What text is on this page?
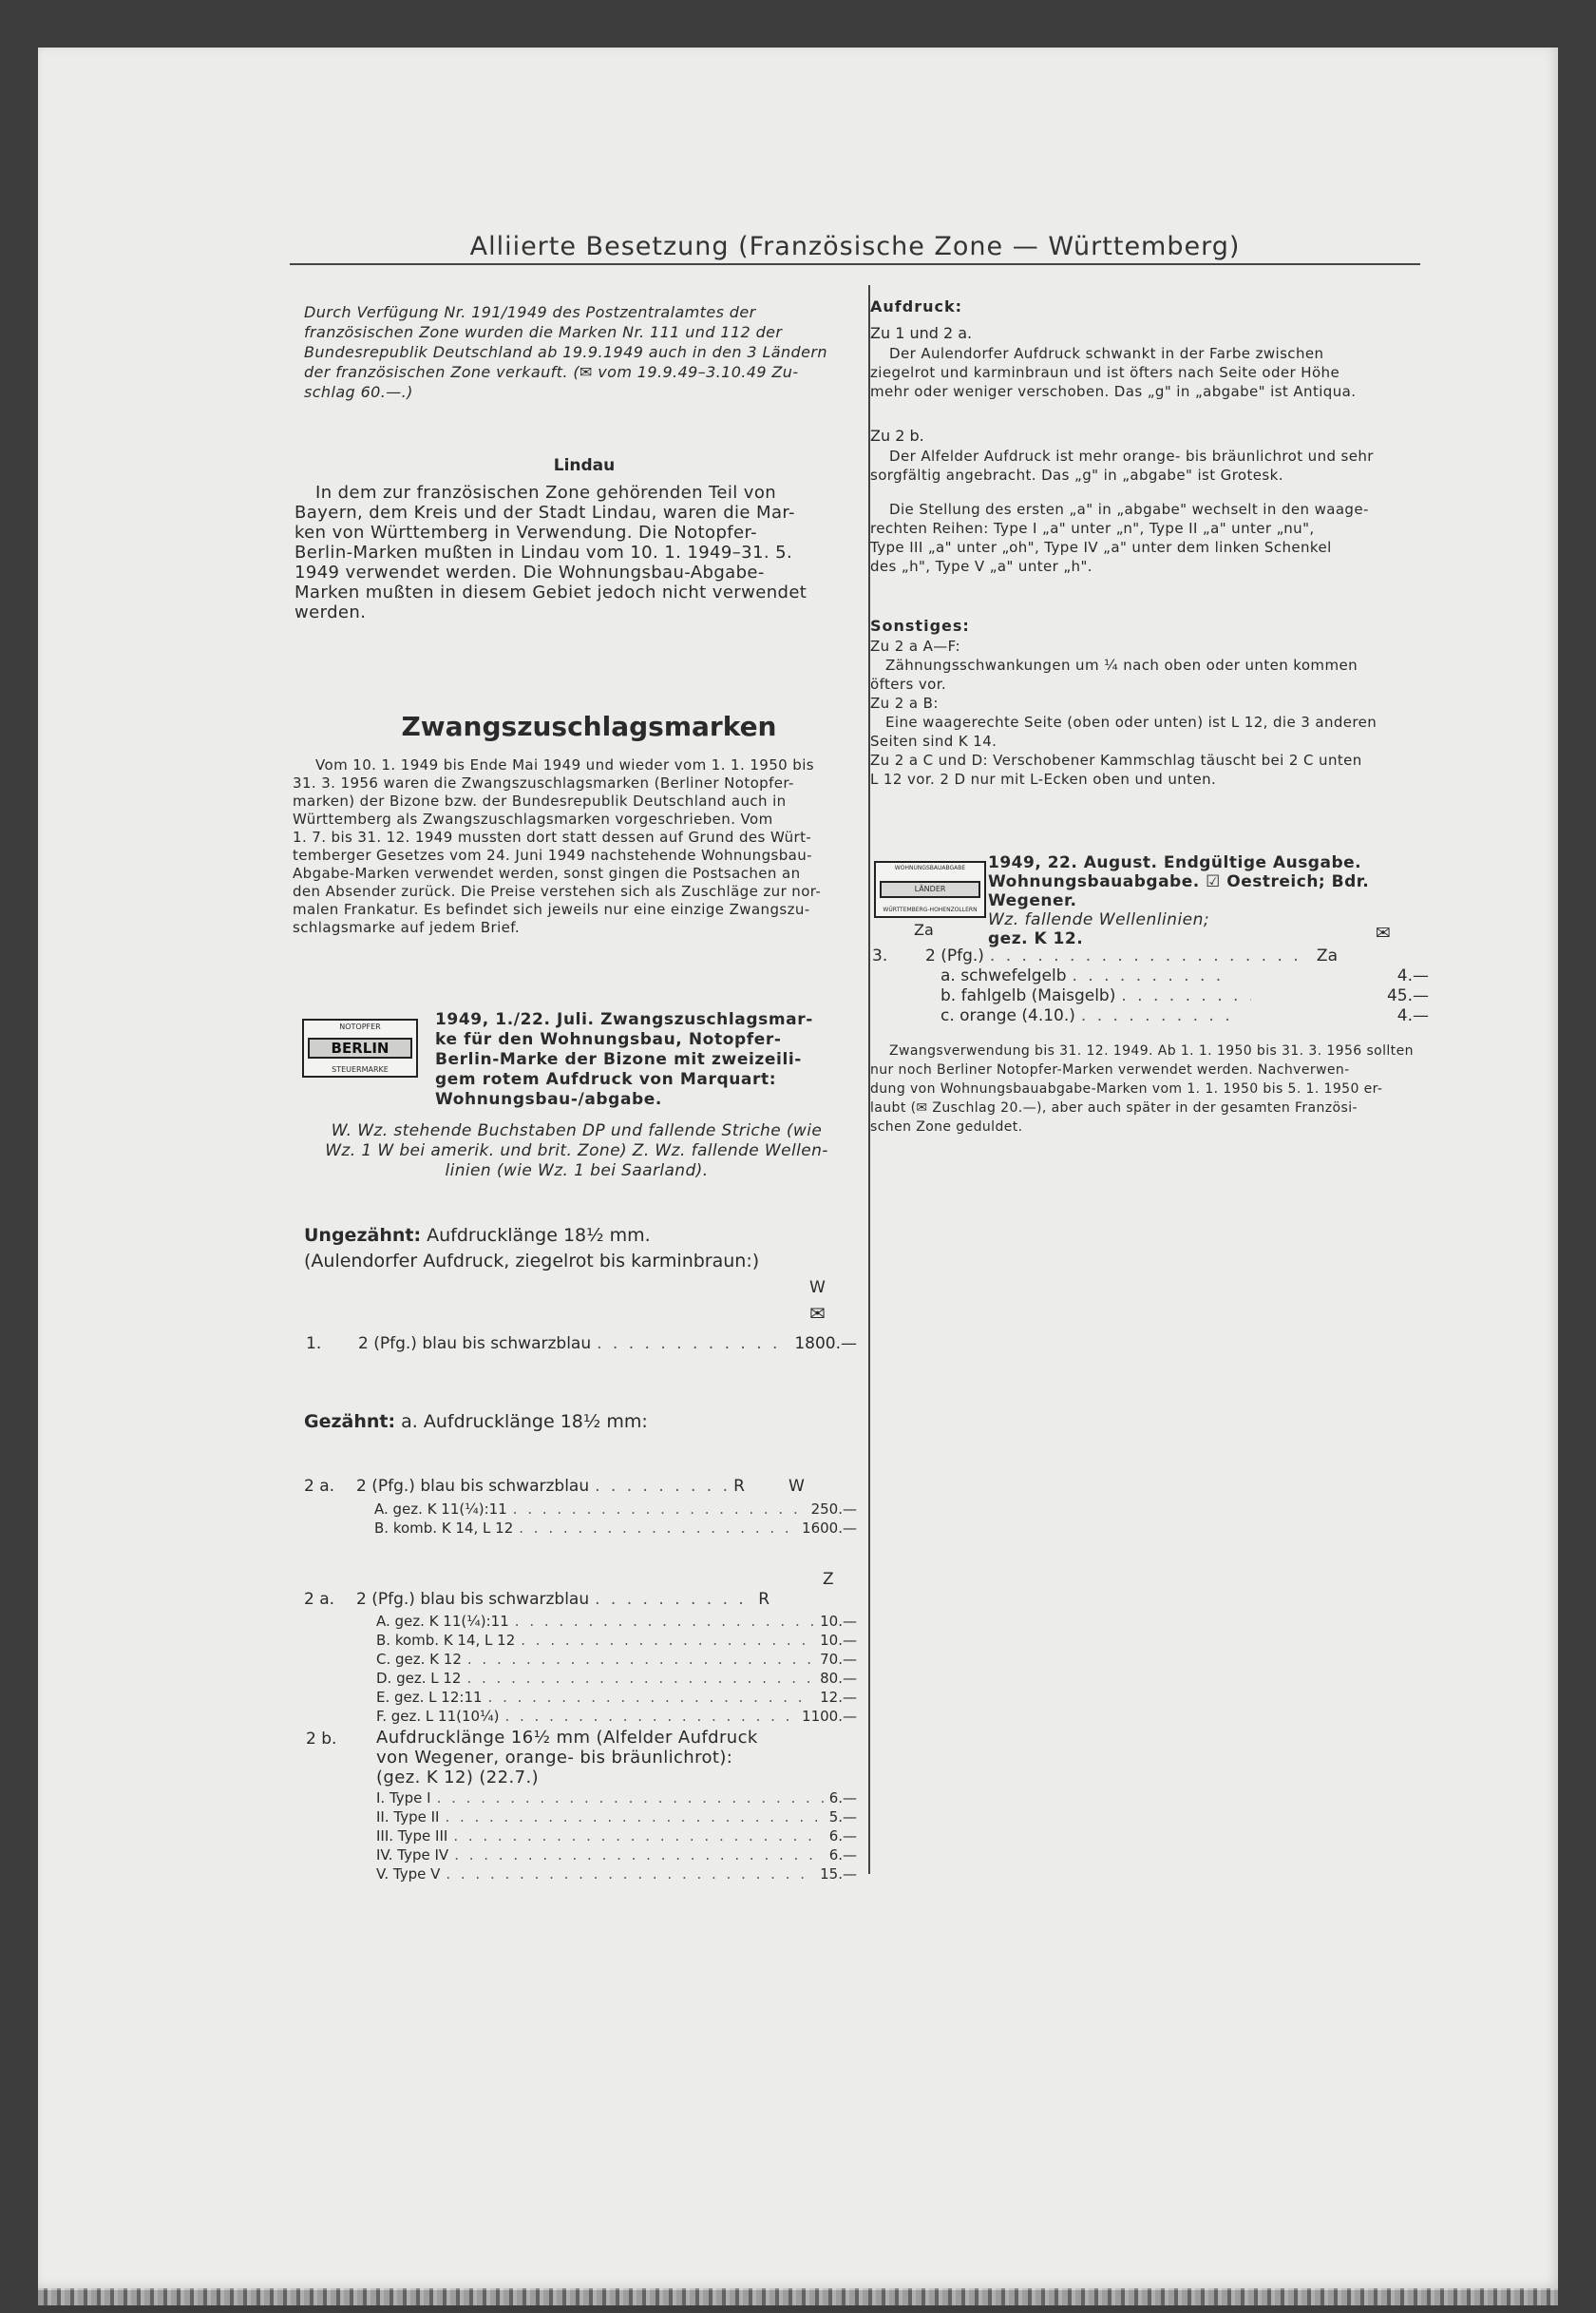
Alliierte Besetzung (Französische Zone — Württemberg)
Durch Verfügung Nr. 191/1949 des Postzentralamtes der
französischen Zone wurden die Marken Nr. 111 und 112 der
Bundesrepublik Deutschland ab 19.9.1949 auch in den 3 Ländern
der französischen Zone verkauft. (✉ vom 19.9.49–3.10.49 Zu-
schlag 60.—.)
Lindau
In dem zur französischen Zone gehörenden Teil von
Bayern, dem Kreis und der Stadt Lindau, waren die Mar-
ken von Württemberg in Verwendung. Die Notopfer-
Berlin-Marken mußten in Lindau vom 10. 1. 1949–31. 5.
1949 verwendet werden. Die Wohnungsbau-Abgabe-
Marken mußten in diesem Gebiet jedoch nicht verwendet
werden.
Zwangszuschlagsmarken
Vom 10. 1. 1949 bis Ende Mai 1949 und wieder vom 1. 1. 1950 bis
31. 3. 1956 waren die Zwangszuschlagsmarken (Berliner Notopfer-
marken) der Bizone bzw. der Bundesrepublik Deutschland auch in
Württemberg als Zwangszuschlagsmarken vorgeschrieben. Vom
1. 7. bis 31. 12. 1949 mussten dort statt dessen auf Grund des Würt-
temberger Gesetzes vom 24. Juni 1949 nachstehende Wohnungsbau-
Abgabe-Marken verwendet werden, sonst gingen die Postsachen an
den Absender zurück. Die Preise verstehen sich als Zuschläge zur nor-
malen Frankatur. Es befindet sich jeweils nur eine einzige Zwangszu-
schlagsmarke auf jedem Brief.
NOTOPFER
BERLIN
STEUERMARKE
1949, 1./22. Juli. Zwangszuschlagsmar-
ke für den Wohnungsbau, Notopfer-
Berlin-Marke der Bizone mit zweizeili-
gem rotem Aufdruck von Marquart:
Wohnungsbau-/abgabe.
W. Wz. stehende Buchstaben DP und fallende Striche (wie
Wz. 1 W bei amerik. und brit. Zone) Z. Wz. fallende Wellen-
linien (wie Wz. 1 bei Saarland).
Ungezähnt: Aufdrucklänge 18½ mm.
(Aulendorfer Aufdruck, ziegelrot bis karminbraun:)
W
✉
1.	2 (Pfg.) blau bis schwarzblau . . .	1800.—
Gezähnt: a. Aufdrucklänge 18½ mm:
2 a.	2 (Pfg.) blau bis schwarzblau . . .	R	W
A. gez. K 11(¼):11 . . .	250.—
B. komb. K 14, L 12 . . .	1600.—
Z
2 a.	2 (Pfg.) blau bis schwarzblau . . .	R
A. gez. K 11(¼):11 . . .	10.—
B. komb. K 14, L 12 . . .	10.—
C. gez. K 12 . . .	70.—
D. gez. L 12 . . .	80.—
E. gez. L 12:11 . . .	12.—
F. gez. L 11(10¼) . . .	1100.—
2 b. Aufdrucklänge 16½ mm (Alfelder Aufdruck
von Wegener, orange- bis bräunlichrot):
(gez. K 12) (22.7.)
I. Type I . . .	6.—
II. Type II . . .	5.—
III. Type III . . .	6.—
IV. Type IV . . .	6.—
V. Type V . . .	15.—
Aufdruck:
Zu 1 und 2 a.
Der Aulendorfer Aufdruck schwankt in der Farbe zwischen
ziegelrot und karminbraun und ist öfters nach Seite oder Höhe
mehr oder weniger verschoben. Das „g" in „abgabe" ist Antiqua.
Zu 2 b.
Der Alfelder Aufdruck ist mehr orange- bis bräunlichrot und sehr
sorgfältig angebracht. Das „g" in „abgabe" ist Grotesk.
Die Stellung des ersten „a" in „abgabe" wechselt in den waage-
rechten Reihen: Type I „a" unter „n", Type II „a" unter „nu",
Type III „a" unter „oh", Type IV „a" unter dem linken Schenkel
des „h", Type V „a" unter „h".
Sonstiges:
Zu 2 a A—F:
Zähnungsschwankungen um ¼ nach oben oder unten kommen
öfters vor.
Zu 2 a B:
Eine waagerechte Seite (oben oder unten) ist L 12, die 3 anderen
Seiten sind K 14.
Zu 2 a C und D: Verschobener Kammschlag täuscht bei 2 C unten
L 12 vor. 2 D nur mit L-Ecken oben und unten.
WOHNUNGSBAUABGABE
LÄNDER
WÜRTTEMBERG-HOHENZOLLERN
Za
1949, 22. August. Endgültige Ausgabe.
Wohnungsbauabgabe. ☑ Oestreich; Bdr.
Wegener.
Wz. fallende Wellenlinien;
gez. K 12.	✉
3.	2 (Pfg.) . . .	Za
a. schwefelgelb . . .	4.—
b. fahlgelb (Maisgelb) . . .	45.—
c. orange (4.10.) . . .	4.—
Zwangsverwendung bis 31. 12. 1949. Ab 1. 1. 1950 bis 31. 3. 1956 sollten
nur noch Berliner Notopfer-Marken verwendet werden. Nachverwen-
dung von Wohnungsbauabgabe-Marken vom 1. 1. 1950 bis 5. 1. 1950 er-
laubt (✉ Zuschlag 20.—), aber auch später in der gesamten Französi-
schen Zone geduldet.
